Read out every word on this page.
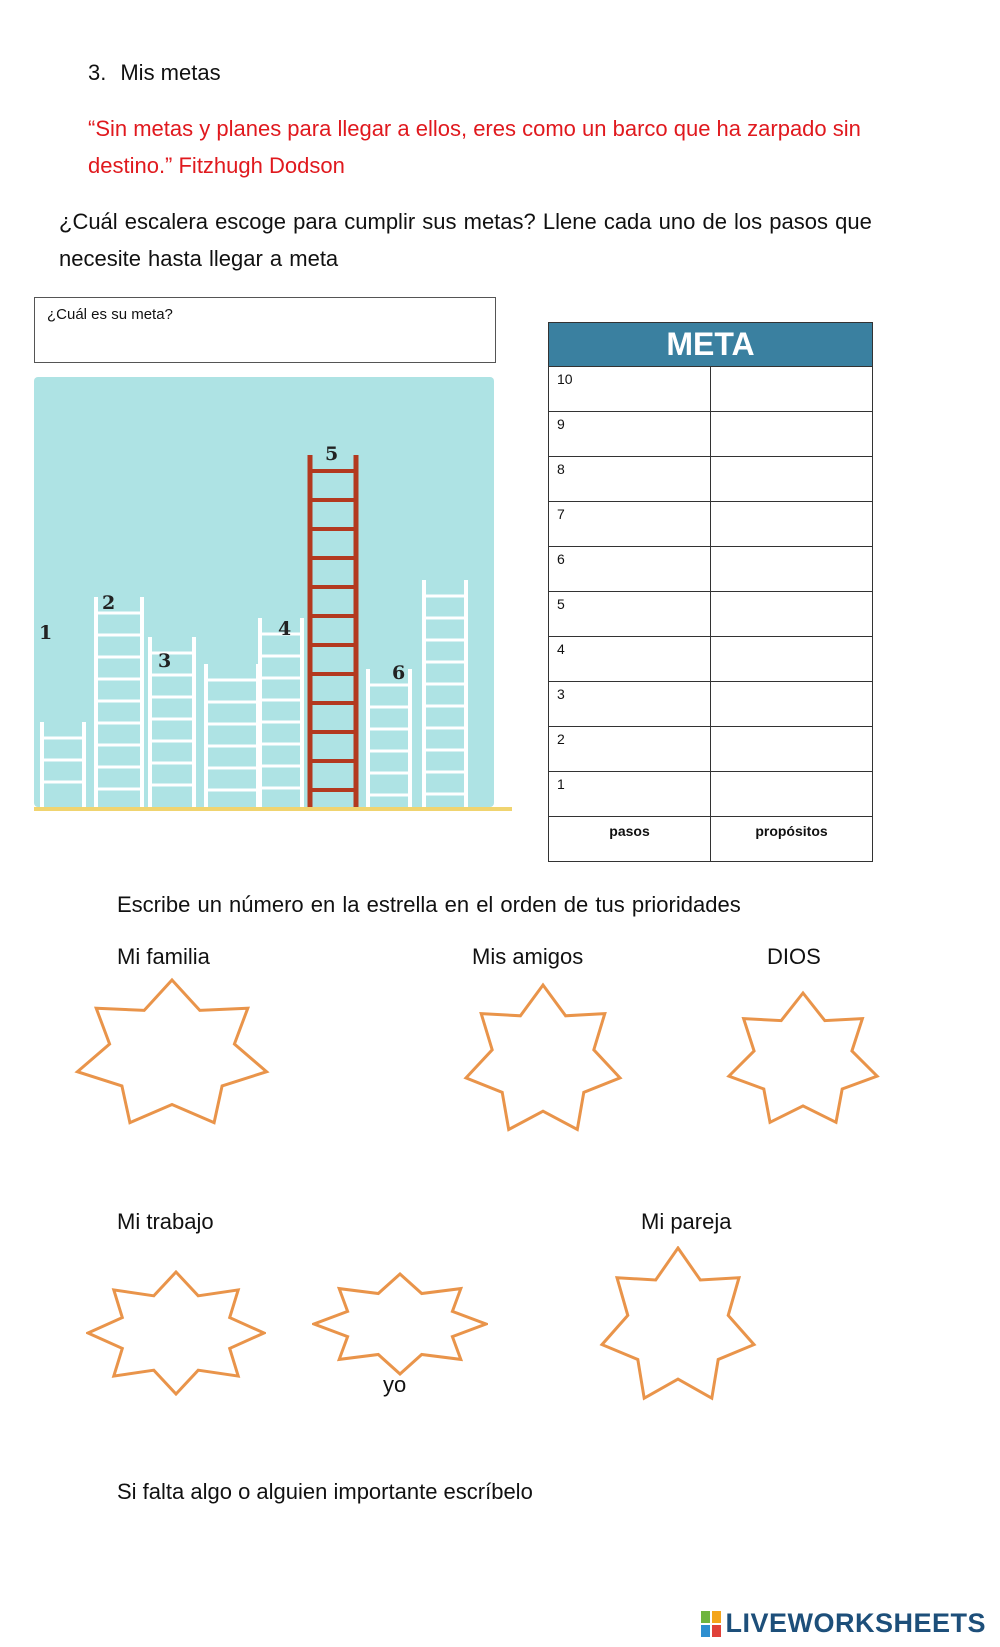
3. Mis metas
“Sin metas y planes para llegar a ellos, eres como un barco que ha zarpado sin destino.” Fitzhugh Dodson
¿Cuál escalera escoge para cumplir sus metas? Llene cada uno de los pasos que necesite hasta llegar a meta
¿Cuál es su meta?
1
2
3
4
5
6
META	
10	
9	
8	
7	
6	
5	
4	
3	
2	
1	
pasos	propósitos
Escribe un número en la estrella en el orden de tus prioridades
Mi familia	Mis amigos	DIOS
Mi trabajo
yo
Mi pareja
Si falta algo o alguien importante escríbelo
LIVEWORKSHEETS
